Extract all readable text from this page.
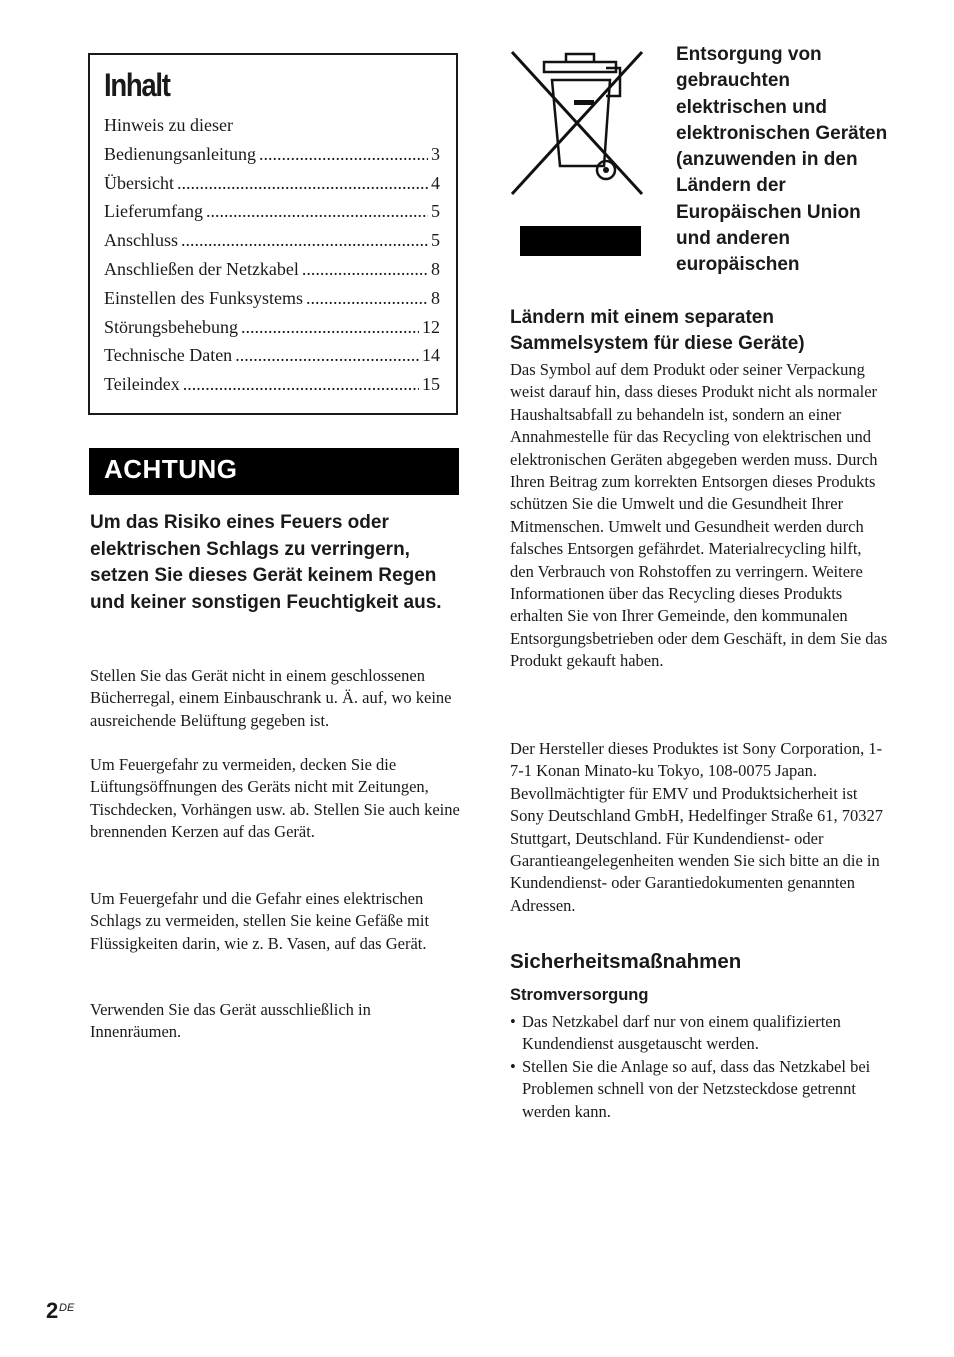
Inhalt
Hinweis zu dieser
Bedienungsanleitung .....	3
Übersicht .....	4
Lieferumfang .....	5
Anschluss .....	5
Anschließen der Netzkabel .....	8
Einstellen des Funksystems .....	8
Störungsbehebung .....	12
Technische Daten .....	14
Teileindex .....	15
ACHTUNG

Um das Risiko eines Feuers oder elektrischen Schlags zu verringern, setzen Sie dieses Gerät keinem Regen und keiner sonstigen Feuchtigkeit aus.

Stellen Sie das Gerät nicht in einem geschlossenen Bücherregal, einem Einbauschrank u. Ä. auf, wo keine ausreichende Belüftung gegeben ist.

Um Feuergefahr zu vermeiden, decken Sie die Lüftungsöffnungen des Geräts nicht mit Zeitungen, Tischdecken, Vorhängen usw. ab. Stellen Sie auch keine brennenden Kerzen auf das Gerät.

Um Feuergefahr und die Gefahr eines elektrischen Schlags zu vermeiden, stellen Sie keine Gefäße mit Flüssigkeiten darin, wie z. B. Vasen, auf das Gerät.

Verwenden Sie das Gerät ausschließlich in Innenräumen.

Entsorgung von gebrauchten elektrischen und elektronischen Geräten (anzuwenden in den Ländern der Europäischen Union und anderen europäischen

Ländern mit einem separaten Sammelsystem für diese Geräte)

Das Symbol auf dem Produkt oder seiner Verpackung weist darauf hin, dass dieses Produkt nicht als normaler Haushaltsabfall zu behandeln ist, sondern an einer Annahmestelle für das Recycling von elektrischen und elektronischen Geräten abgegeben werden muss. Durch Ihren Beitrag zum korrekten Entsorgen dieses Produkts schützen Sie die Umwelt und die Gesundheit Ihrer Mitmenschen. Umwelt und Gesundheit werden durch falsches Entsorgen gefährdet. Materialrecycling hilft, den Verbrauch von Rohstoffen zu verringern. Weitere Informationen über das Recycling dieses Produkts erhalten Sie von Ihrer Gemeinde, den kommunalen Entsorgungsbetrieben oder dem Geschäft, in dem Sie das Produkt gekauft haben.

Der Hersteller dieses Produktes ist Sony Corporation, 1-7-1 Konan Minato-ku Tokyo, 108-0075 Japan. Bevollmächtigter für EMV und Produktsicherheit ist Sony Deutschland GmbH, Hedelfinger Straße 61, 70327 Stuttgart, Deutschland. Für Kundendienst- oder Garantieangelegenheiten wenden Sie sich bitte an die in Kundendienst- oder Garantiedokumenten genannten Adressen.

Sicherheitsmaßnahmen
Stromversorgung
• Das Netzkabel darf nur von einem qualifizierten Kundendienst ausgetauscht werden.
• Stellen Sie die Anlage so auf, dass das Netzkabel bei Problemen schnell von der Netzsteckdose getrennt werden kann.
2 DE
